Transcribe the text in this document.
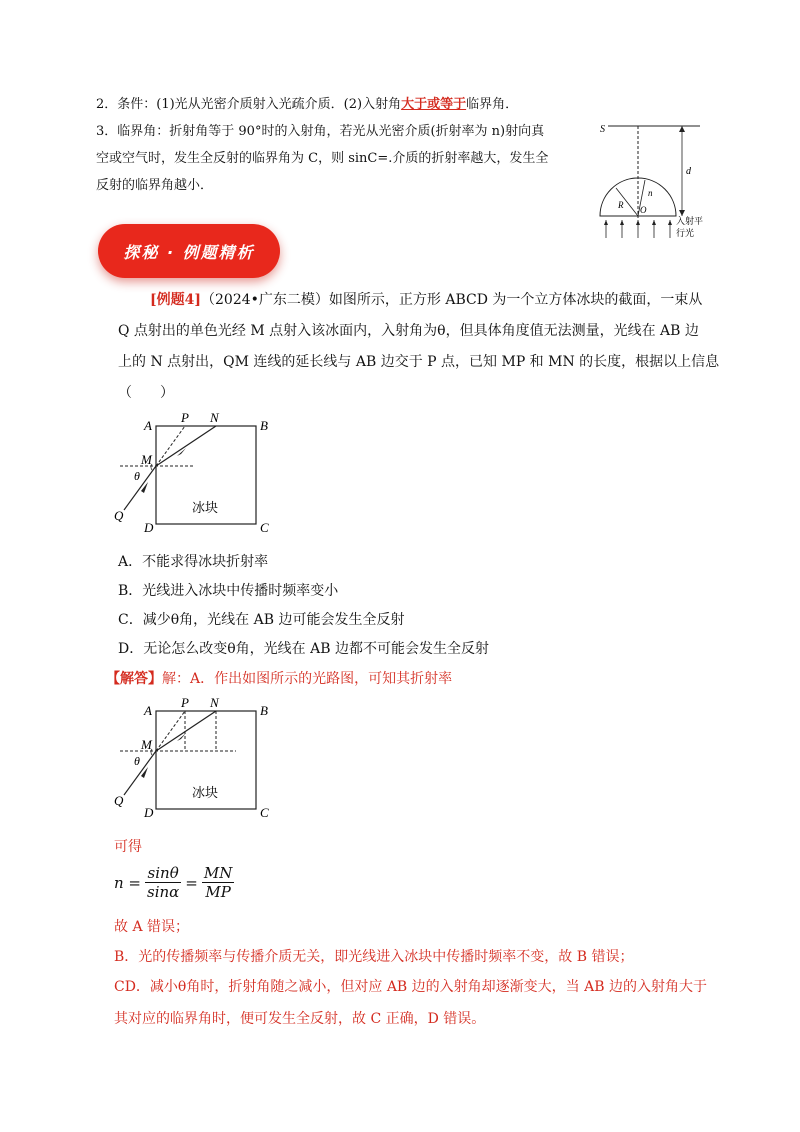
2．条件：(1)光从光密介质射入光疏介质．(2)入射角大于或等于临界角．
3．临界角：折射角等于 90°时的入射角，若光从光密介质(折射率为 n)射向真
空或空气时，发生全反射的临界角为 C，则 sinC=.介质的折射率越大，发生全
反射的临界角越小．
S
d
n
R O
入射平
行光
探秘 · 例题精析
[例题4]（2024•广东二模）如图所示，正方形 ABCD 为一个立方体冰块的截面，一束从
Q 点射出的单色光经 M 点射入该冰面内，入射角为θ，但具体角度值无法测量，光线在 AB 边
上的 N 点射出，QM 连线的延长线与 AB 边交于 P 点，已知 MP 和 MN 的长度，根据以上信息
（　　）
A	B
D	C
P N
M
Q
θ
冰块
A．不能求得冰块折射率
B．光线进入冰块中传播时频率变小
C．减少θ角，光线在 AB 边可能会发生全反射
D．无论怎么改变θ角，光线在 AB 边都不可能会发生全反射
【解答】解：A．作出如图所示的光路图，可知其折射率
A	B
D	C
P N
M
Q
θ
冰块
可得
$n = \frac{\sin\theta}{\sin\alpha} = \frac{MN}{MP}$
故 A 错误；
B．光的传播频率与传播介质无关，即光线进入冰块中传播时频率不变，故 B 错误；
CD．减小θ角时，折射角随之减小，但对应 AB 边的入射角却逐渐变大，当 AB 边的入射角大于
其对应的临界角时，便可发生全反射，故 C 正确，D 错误。
